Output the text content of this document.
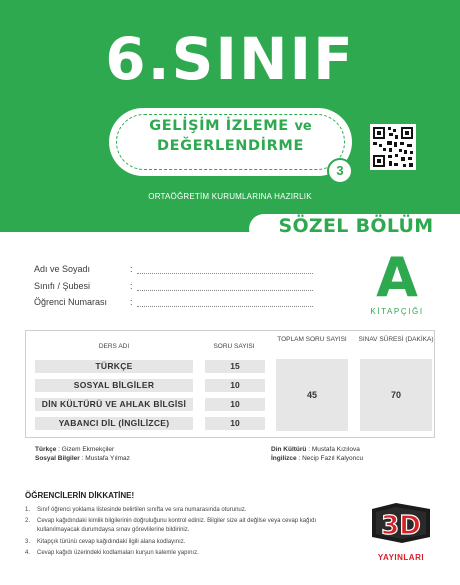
6.SINIF
GELİŞİM İZLEME ve
DEĞERLENDİRME
3
ORTAÖĞRETİM KURUMLARINA HAZIRLIK
SÖZEL BÖLÜM
Adı ve Soyadı	:
Sınıfı / Şubesi	:
Öğrenci Numarası	:	A
KİTAPÇIĞI
DERS ADI	SORU SAYISI
TOPLAM SORU SAYISI	SINAV SÜRESİ (DAKİKA)
TÜRKÇE	15
SOSYAL BİLGİLER	10
DİN KÜLTÜRÜ VE AHLAK BİLGİSİ	10
YABANCI DİL (İNGİLİZCE)	10
45	70
Türkçe : Gizem Ekmekçiler
Sosyal Bilgiler : Mustafa Yılmaz
Din Kültürü : Mustafa Kızılova
İngilizce : Necip Fazıl Kalyoncu
ÖĞRENCİLERİN DİKKATİNE!
1.	Sınıf öğrenci yoklama listesinde belirtilen sınıfta ve sıra numarasında oturunuz.
2.	Cevap kağıdındaki kimlik bilgilerinin doğruluğunu kontrol ediniz. Bilgiler size ait değilse veya cevap kağıdı kullanılmayacak durumdaysa sınav görevlilerine bildiriniz.
3.	Kitapçık türünü cevap kağıdındaki ilgili alana kodlayınız.
4.	Cevap kağıdı üzerindeki kodlamaları kurşun kalemle yapınız.
3D
YAYINLARI
